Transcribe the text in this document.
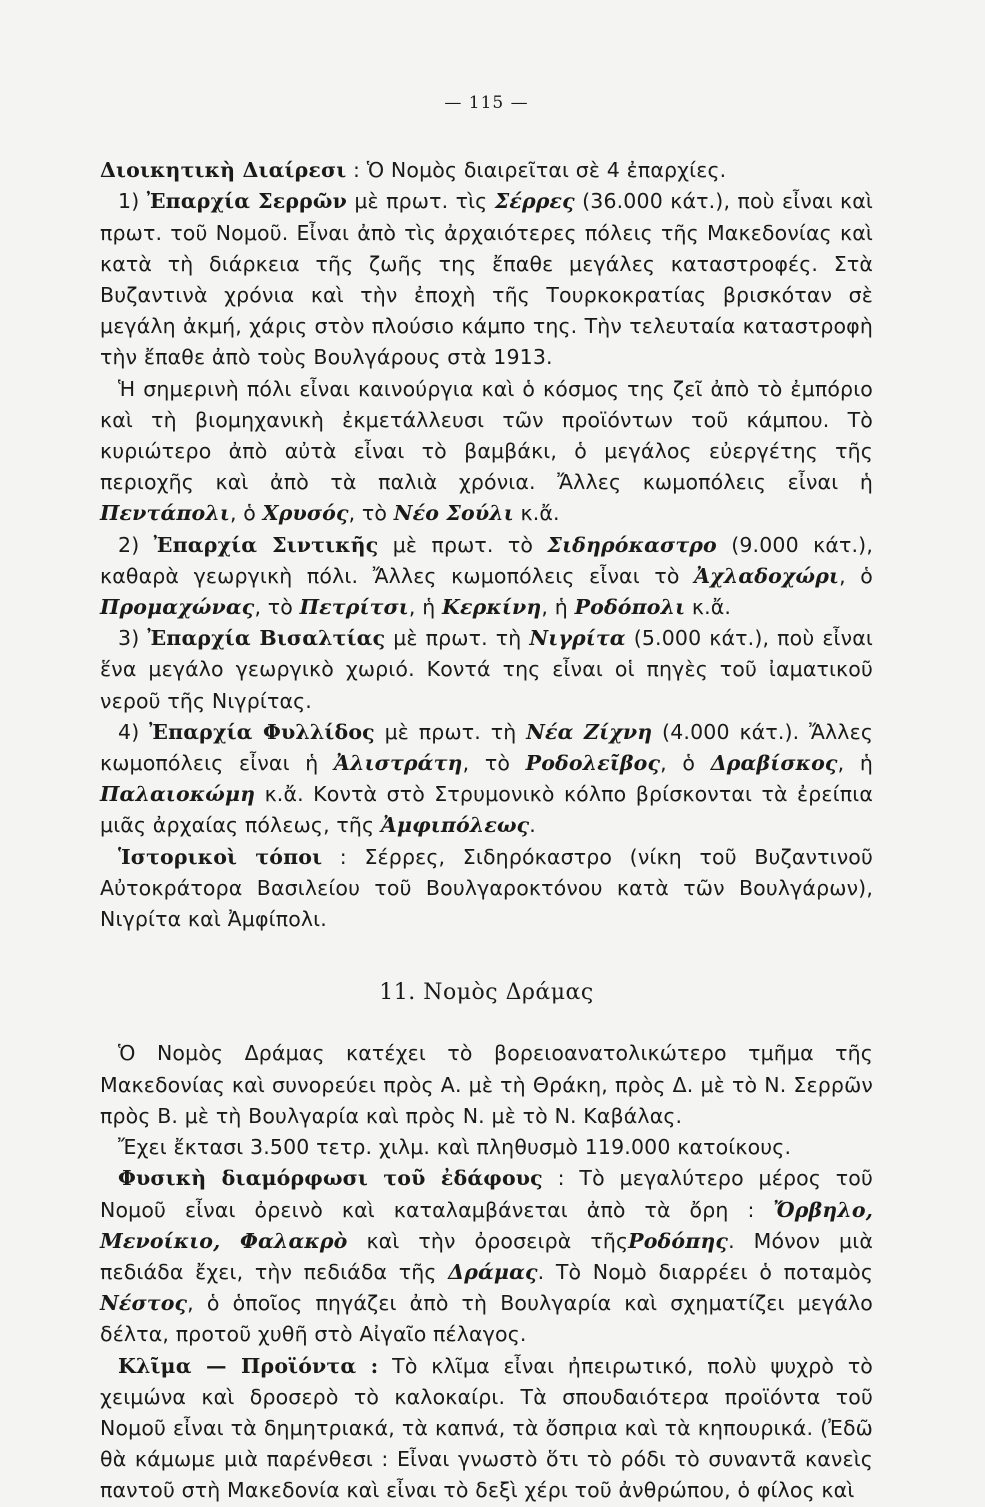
— 115 —

Διοικητικὴ Διαίρεσι : Ὁ Νομὸς διαιρεῖται σὲ 4 ἐπαρχίες.

1) Ἐπαρχία Σερρῶν μὲ πρωτ. τὶς Σέρρες (36.000 κάτ.), ποὺ εἶναι καὶ πρωτ. τοῦ Νομοῦ. Εἶναι ἀπὸ τὶς ἀρχαιότερες πόλεις τῆς Μακεδονίας καὶ κατὰ τὴ διάρκεια τῆς ζωῆς της ἔπαθε μεγάλες καταστροφές. Στὰ Βυζαντινὰ χρόνια καὶ τὴν ἐποχὴ τῆς Τουρκοκρατίας βρισκόταν σὲ μεγάλη ἀκμή, χάρις στὸν πλούσιο κάμπο της. Τὴν τελευταία καταστροφὴ τὴν ἔπαθε ἀπὸ τοὺς Βουλγάρους στὰ 1913.

Ἡ σημερινὴ πόλι εἶναι καινούργια καὶ ὁ κόσμος της ζεῖ ἀπὸ τὸ ἐμπόριο καὶ τὴ βιομηχανικὴ ἐκμετάλλευσι τῶν προϊόντων τοῦ κάμπου. Τὸ κυριώτερο ἀπὸ αὐτὰ εἶναι τὸ βαμβάκι, ὁ μεγάλος εὐεργέτης τῆς περιοχῆς καὶ ἀπὸ τὰ παλιὰ χρόνια. Ἄλλες κωμοπόλεις εἶναι ἡ Πεντάπολι, ὁ Χρυσός, τὸ Νέο Σούλι κ.ἄ.

2) Ἐπαρχία Σιντικῆς μὲ πρωτ. τὸ Σιδηρόκαστρο (9.000 κάτ.), καθαρὰ γεωργικὴ πόλι. Ἄλλες κωμοπόλεις εἶναι τὸ Ἀχλαδοχώρι, ὁ Προμαχώνας, τὸ Πετρίτσι, ἡ Κερκίνη, ἡ Ροδόπολι κ.ἄ.

3) Ἐπαρχία Βισαλτίας μὲ πρωτ. τὴ Νιγρίτα (5.000 κάτ.), ποὺ εἶναι ἕνα μεγάλο γεωργικὸ χωριό. Κοντά της εἶναι οἱ πηγὲς τοῦ ἰαματικοῦ νεροῦ τῆς Νιγρίτας.

4) Ἐπαρχία Φυλλίδος μὲ πρωτ. τὴ Νέα Ζίχνη (4.000 κάτ.). Ἄλλες κωμοπόλεις εἶναι ἡ Ἀλιστράτη, τὸ Ροδολεῖβος, ὁ Δραβίσκος, ἡ Παλαιοκώμη κ.ἄ. Κοντὰ στὸ Στρυμονικὸ κόλπο βρίσκονται τὰ ἐρείπια μιᾶς ἀρχαίας πόλεως, τῆς Ἀμφιπόλεως.

Ἱστορικοὶ τόποι : Σέρρες, Σιδηρόκαστρο (νίκη τοῦ Βυζαντινοῦ Αὐτοκράτορα Βασιλείου τοῦ Βουλγαροκτόνου κατὰ τῶν Βουλγάρων), Νιγρίτα καὶ Ἀμφίπολι.

11. Νομὸς Δράμας

Ὁ Νομὸς Δράμας κατέχει τὸ βορειοανατολικώτερο τμῆμα τῆς Μακεδονίας καὶ συνορεύει πρὸς Α. μὲ τὴ Θράκη, πρὸς Δ. μὲ τὸ Ν. Σερρῶν πρὸς Β. μὲ τὴ Βουλγαρία καὶ πρὸς Ν. μὲ τὸ Ν. Καβάλας.

Ἔχει ἔκτασι 3.500 τετρ. χιλμ. καὶ πληθυσμὸ 119.000 κατοίκους.

Φυσικὴ διαμόρφωσι τοῦ ἐδάφους : Τὸ μεγαλύτερο μέρος τοῦ Νομοῦ εἶναι ὀρεινὸ καὶ καταλαμβάνεται ἀπὸ τὰ ὄρη : Ὄρβηλο, Μενοίκιο, Φαλακρὸ καὶ τὴν ὀροσειρὰ τῆςΡοδόπης. Μόνον μιὰ πεδιάδα ἔχει, τὴν πεδιάδα τῆς Δράμας. Τὸ Νομὸ διαρρέει ὁ ποταμὸς Νέστος, ὁ ὁποῖος πηγάζει ἀπὸ τὴ Βουλγαρία καὶ σχηματίζει μεγάλο δέλτα, προτοῦ χυθῆ στὸ Αἰγαῖο πέλαγος.

Κλῖμα — Προϊόντα : Τὸ κλῖμα εἶναι ἠπειρωτικό, πολὺ ψυχρὸ τὸ χειμώνα καὶ δροσερὸ τὸ καλοκαίρι. Τὰ σπουδαιότερα προϊόντα τοῦ Νομοῦ εἶναι τὰ δημητριακά, τὰ καπνά, τὰ ὄσπρια καὶ τὰ κηπουρικά. (Ἐδῶ θὰ κάμωμε μιὰ παρένθεσι : Εἶναι γνωστὸ ὅτι τὸ ρόδι τὸ συναντᾶ κανεὶς παντοῦ στὴ Μακεδονία καὶ εἶναι τὸ δεξὶ χέρι τοῦ ἀνθρώπου, ὁ φίλος καὶ
